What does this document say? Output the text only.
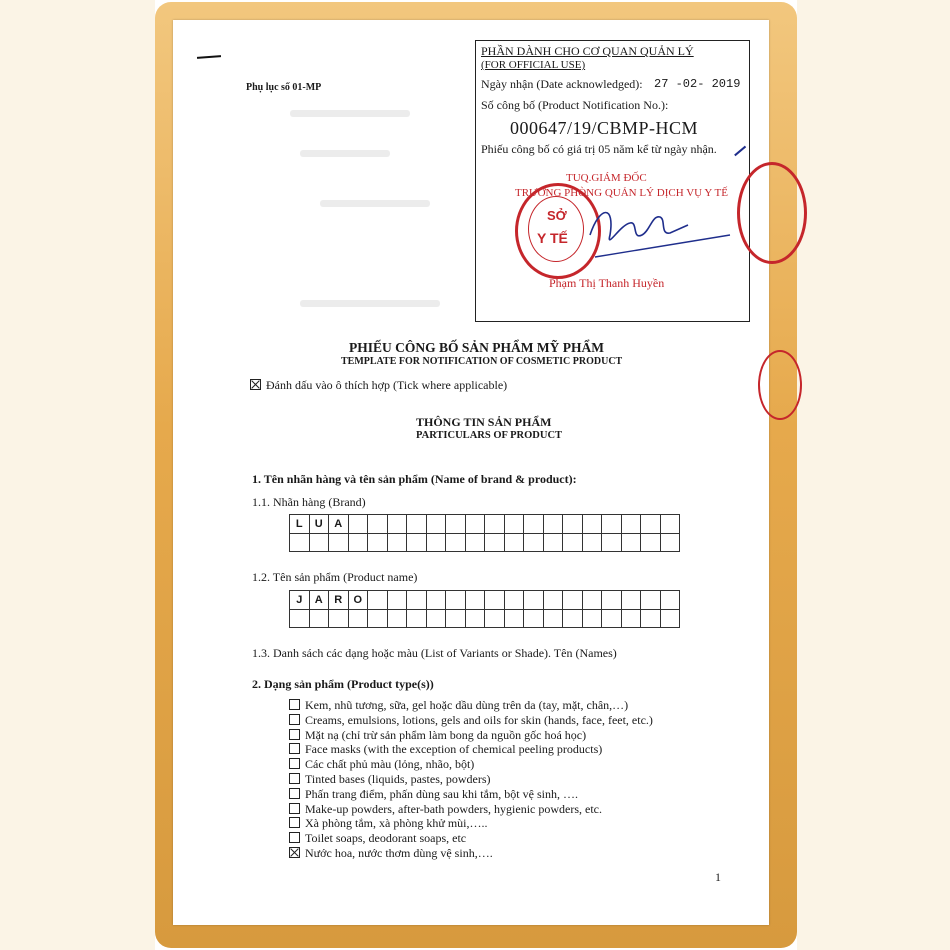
Phụ lục số 01-MP
PHẦN DÀNH CHO CƠ QUAN QUẢN LÝ
(FOR OFFICIAL USE)
Ngày nhận (Date acknowledged): 27 -02- 2019
Số công bố (Product Notification No.):
000647/19/CBMP-HCM
Phiếu công bố có giá trị 05 năm kể từ ngày nhận.
TUQ.GIÁM ĐỐC
TRƯỞNG PHÒNG QUẢN LÝ DỊCH VỤ Y TẾ
SỞ
Y TẾ
Phạm Thị Thanh Huyền
PHIẾU CÔNG BỐ SẢN PHẨM MỸ PHẨM
TEMPLATE FOR NOTIFICATION OF COSMETIC PRODUCT
Đánh dấu vào ô thích hợp (Tick where applicable)
THÔNG TIN SẢN PHẨM
PARTICULARS OF PRODUCT
1. Tên nhãn hàng và tên sản phẩm (Name of brand & product):
1.1. Nhãn hàng (Brand)
L	U	A
1.2. Tên sản phẩm (Product name)
J	A	R	O
1.3. Danh sách các dạng hoặc màu (List of Variants or Shade). Tên (Names)
2. Dạng sản phẩm (Product type(s))
Kem, nhũ tương, sữa, gel hoặc dầu dùng trên da (tay, mặt, chân,…)
Creams, emulsions, lotions, gels and oils for skin (hands, face, feet, etc.)
Mặt nạ (chỉ trừ sản phẩm làm bong da nguồn gốc hoá học)
Face masks (with the exception of chemical peeling products)
Các chất phủ màu (lỏng, nhão, bột)
Tinted bases (liquids, pastes, powders)
Phấn trang điểm, phấn dùng sau khi tắm, bột vệ sinh, ….
Make-up powders, after-bath powders, hygienic powders, etc.
Xà phòng tắm, xà phòng khử mùi,…..
Toilet soaps, deodorant soaps, etc
Nước hoa, nước thơm dùng vệ sinh,….
1
